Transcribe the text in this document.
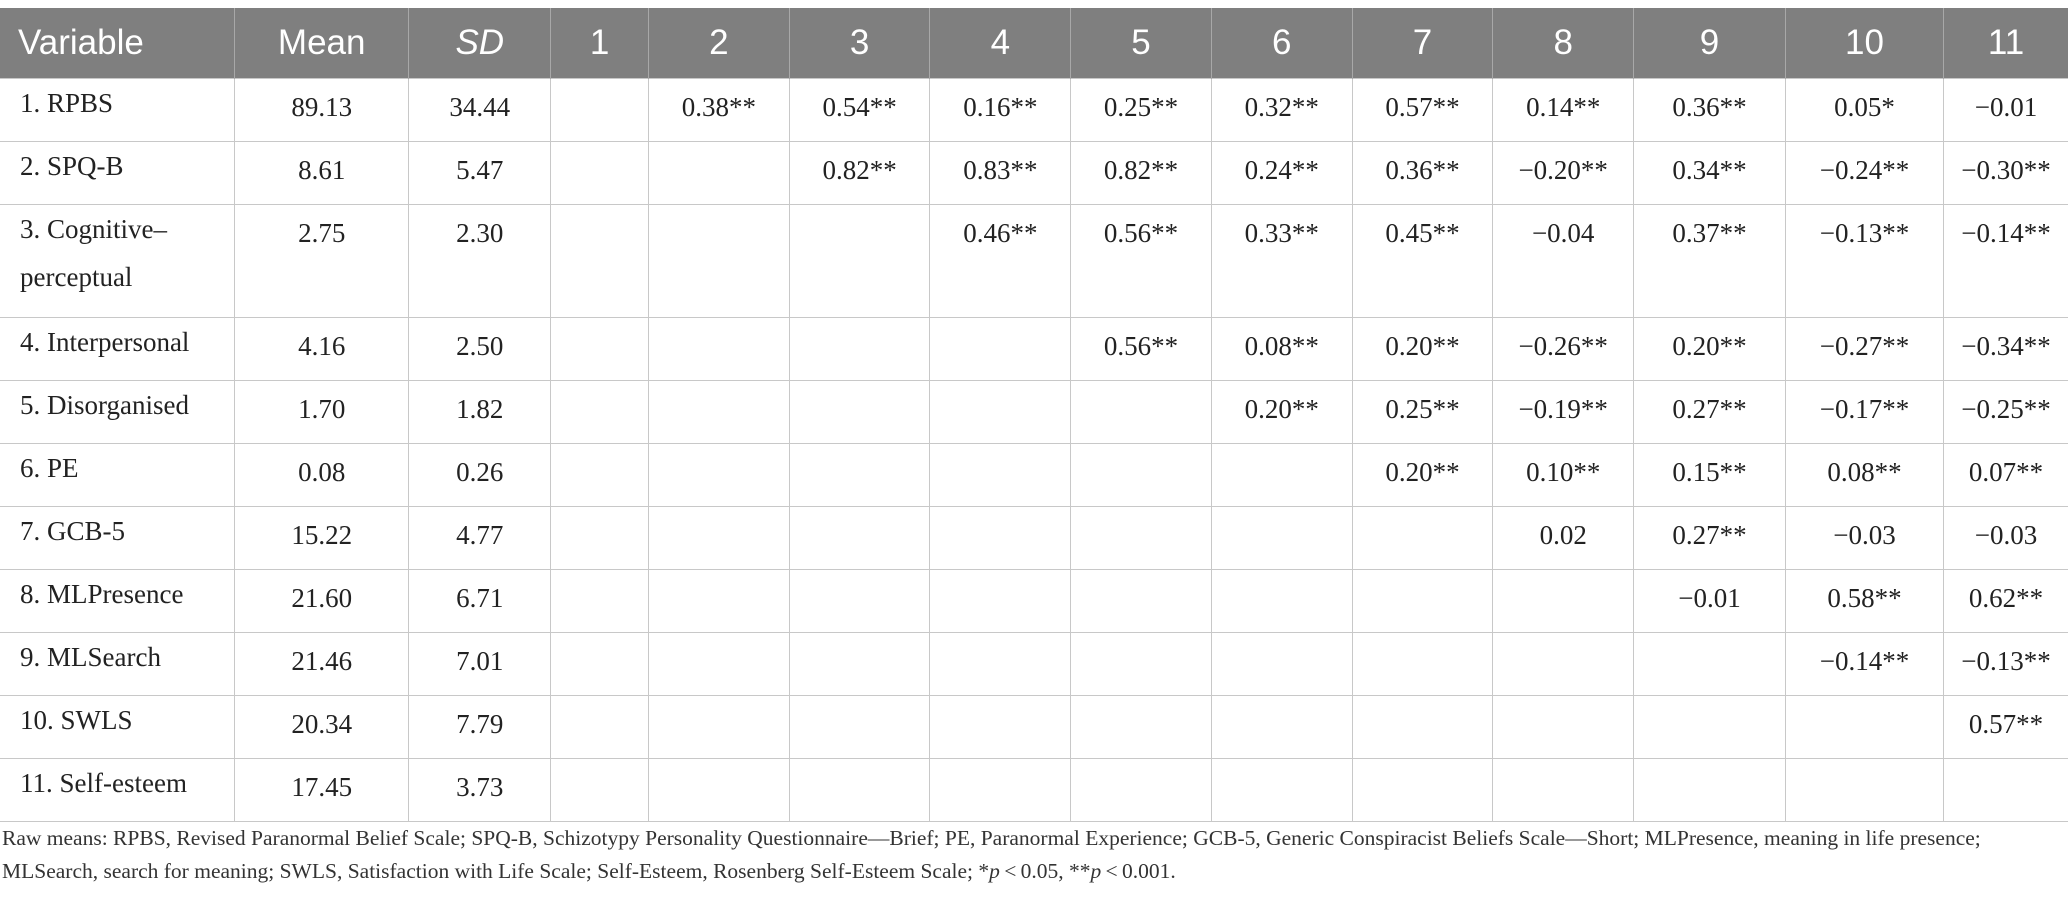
Variable	Mean	SD	1	2	3	4	5	6	7	8	9	10	11
1. RPBS	89.13	34.44		0.38**	0.54**	0.16**	0.25**	0.32**	0.57**	0.14**	0.36**	0.05*	−0.01
2. SPQ-B	8.61	5.47			0.82**	0.83**	0.82**	0.24**	0.36**	−0.20**	0.34**	−0.24**	−0.30**
3. Cognitive–perceptual	2.75	2.30				0.46**	0.56**	0.33**	0.45**	−0.04	0.37**	−0.13**	−0.14**
4. Interpersonal	4.16	2.50					0.56**	0.08**	0.20**	−0.26**	0.20**	−0.27**	−0.34**
5. Disorganised	1.70	1.82						0.20**	0.25**	−0.19**	0.27**	−0.17**	−0.25**
6. PE	0.08	0.26							0.20**	0.10**	0.15**	0.08**	0.07**
7. GCB-5	15.22	4.77								0.02	0.27**	−0.03	−0.03
8. MLPresence	21.60	6.71									−0.01	0.58**	0.62**
9. MLSearch	21.46	7.01										−0.14**	−0.13**
10. SWLS	20.34	7.79											0.57**
11. Self-esteem	17.45	3.73											
Raw means: RPBS, Revised Paranormal Belief Scale; SPQ-B, Schizotypy Personality Questionnaire—Brief; PE, Paranormal Experience; GCB-5, Generic Conspiracist Beliefs Scale—Short; MLPresence, meaning in life presence; MLSearch, search for meaning; SWLS, Satisfaction with Life Scale; Self-Esteem, Rosenberg Self-Esteem Scale; *p < 0.05, **p < 0.001.
